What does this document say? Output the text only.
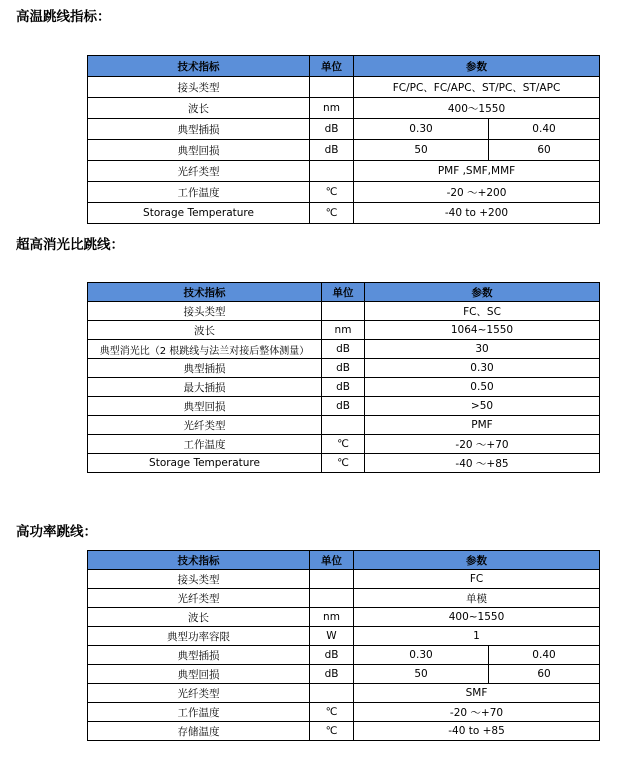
高温跳线指标：
技术指标	单位	参数	
接头类型		FC/PC、FC/APC、ST/PC、ST/APC	
波长	nm	400～1550	
典型插损	dB	0.30	0.40
典型回损	dB	50	60
光纤类型		PMF ,SMF,MMF	
工作温度	℃	-20 ～+200	
Storage Temperature	℃	-40 to +200	
超高消光比跳线：
技术指标	单位	参数
接头类型		FC、SC
波长	nm	1064~1550
典型消光比（2 根跳线与法兰对接后整体测量）	dB	30
典型插损	dB	0.30
最大插损	dB	0.50
典型回损	dB	>50
光纤类型		PMF
工作温度	℃	-20 ～+70
Storage Temperature	℃	-40 ～+85
高功率跳线：
技术指标	单位	参数	
接头类型		FC	
光纤类型		单模	
波长	nm	400~1550	
典型功率容限	W	1	
典型插损	dB	0.30	0.40
典型回损	dB	50	60
光纤类型		SMF	
工作温度	℃	-20 ～+70	
存储温度	℃	-40 to +85	
